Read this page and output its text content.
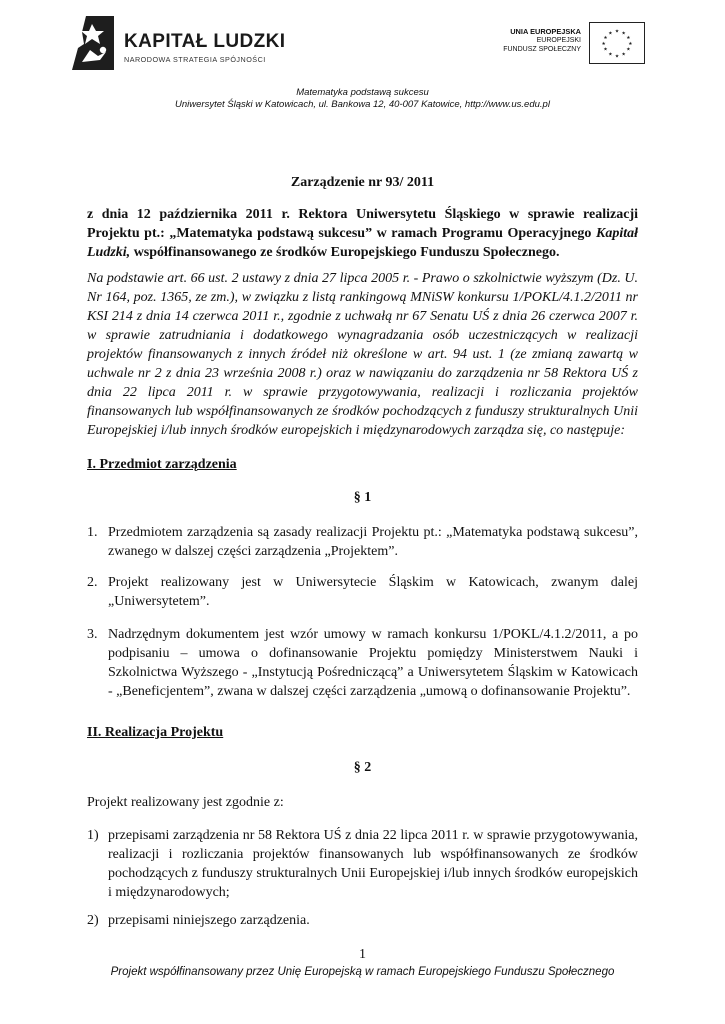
KAPITAŁ LUDZKI
NARODOWA STRATEGIA SPÓJNOŚCI
UNIA EUROPEJSKA
EUROPEJSKI
FUNDUSZ SPOŁECZNY
★ ★
★
★
★
★
★
★
★
★
★
★
Matematyka podstawą sukcesu
Uniwersytet Śląski w Katowicach, ul. Bankowa 12, 40-007 Katowice, http://www.us.edu.pl
Zarządzenie nr 93/ 2011
z dnia 12 października 2011 r. Rektora Uniwersytetu Śląskiego w sprawie realizacji Projektu pt.: „Matematyka podstawą sukcesu” w ramach Programu Operacyjnego Kapitał Ludzki, współfinansowanego ze środków Europejskiego Funduszu Społecznego.
Na podstawie art. 66 ust. 2 ustawy z dnia 27 lipca 2005 r. - Prawo o szkolnictwie wyższym (Dz. U. Nr 164, poz. 1365, ze zm.), w związku z listą rankingową MNiSW konkursu 1/POKL/4.1.2/2011 nr KSI 214 z dnia 14 czerwca 2011 r., zgodnie z uchwałą nr 67 Senatu UŚ z dnia 26 czerwca 2007 r. w sprawie zatrudniania i dodatkowego wynagradzania osób uczestniczących w realizacji projektów finansowanych z innych źródeł niż określone w art. 94 ust. 1 (ze zmianą zawartą w uchwale nr 2 z dnia 23 września 2008 r.) oraz w nawiązaniu do zarządzenia nr 58 Rektora UŚ z dnia 22 lipca 2011 r. w sprawie przygotowywania, realizacji i rozliczania projektów finansowanych lub współfinansowanych ze środków pochodzących z funduszy strukturalnych Unii Europejskiej i/lub innych środków europejskich i międzynarodowych zarządza się, co następuje:
I. Przedmiot zarządzenia
§ 1
1. Przedmiotem zarządzenia są zasady realizacji Projektu pt.: „Matematyka podstawą sukcesu”, zwanego w dalszej części zarządzenia „Projektem”.
2. Projekt realizowany jest w Uniwersytecie Śląskim w Katowicach, zwanym dalej „Uniwersytetem”.
3. Nadrzędnym dokumentem jest wzór umowy w ramach konkursu 1/POKL/4.1.2/2011, a po podpisaniu – umowa o dofinansowanie Projektu pomiędzy Ministerstwem Nauki i Szkolnictwa Wyższego - „Instytucją Pośredniczącą” a Uniwersytetem Śląskim w Katowicach - „Beneficjentem”, zwana w dalszej części zarządzenia „umową o dofinansowanie Projektu”.
II. Realizacja Projektu
§ 2
Projekt realizowany jest zgodnie z:
1) przepisami zarządzenia nr 58 Rektora UŚ z dnia 22 lipca 2011 r. w sprawie przygotowywania, realizacji i rozliczania projektów finansowanych lub współfinansowanych ze środków pochodzących z funduszy strukturalnych Unii Europejskiej i/lub innych środków europejskich i międzynarodowych;
2) przepisami niniejszego zarządzenia.
1
Projekt współfinansowany przez Unię Europejską w ramach Europejskiego Funduszu Społecznego
